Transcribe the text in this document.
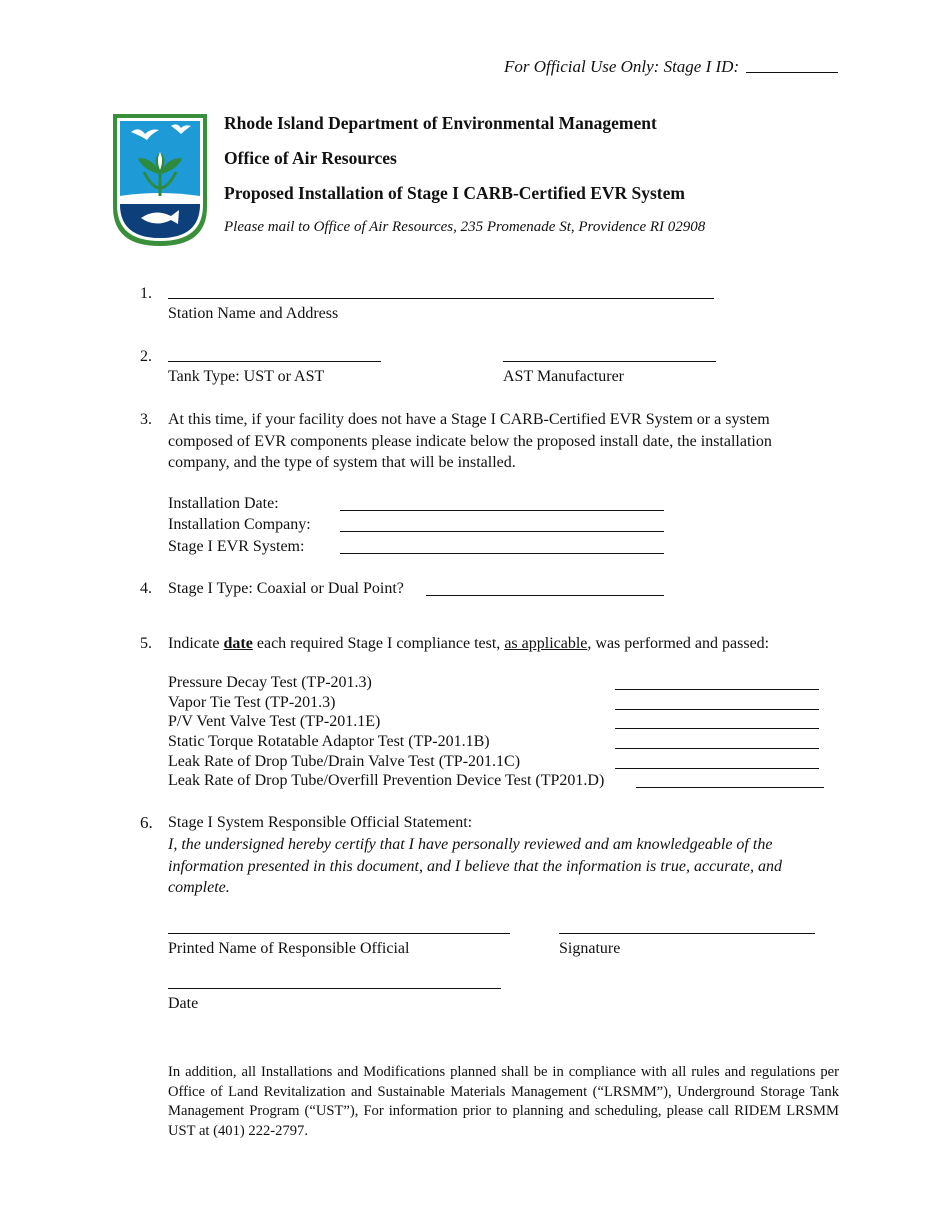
For Official Use Only: Stage I ID:
Rhode Island Department of Environmental Management
Office of Air Resources
Proposed Installation of Stage I CARB-Certified EVR System
Please mail to Office of Air Resources, 235 Promenade St, Providence RI 02908
1.
Station Name and Address
2.
Tank Type: UST or AST	AST Manufacturer
3. At this time, if your facility does not have a Stage I CARB-Certified EVR System or a system composed of EVR components please indicate below the proposed install date, the installation company, and the type of system that will be installed.
Installation Date:
Installation Company:
Stage I EVR System:
4. Stage I Type: Coaxial or Dual Point?
5. Indicate date each required Stage I compliance test, as applicable, was performed and passed:
Pressure Decay Test (TP-201.3)
Vapor Tie Test (TP-201.3)
P/V Vent Valve Test (TP-201.1E)
Static Torque Rotatable Adaptor Test (TP-201.1B)
Leak Rate of Drop Tube/Drain Valve Test (TP-201.1C)
Leak Rate of Drop Tube/Overfill Prevention Device Test (TP201.D)
6. Stage I System Responsible Official Statement:
I, the undersigned hereby certify that I have personally reviewed and am knowledgeable of the information presented in this document, and I believe that the information is true, accurate, and complete.
Printed Name of Responsible Official	Signature
Date
In addition, all Installations and Modifications planned shall be in compliance with all rules and regulations per Office of Land Revitalization and Sustainable Materials Management (“LRSMM”), Underground Storage Tank Management Program (“UST”), For information prior to planning and scheduling, please call RIDEM LRSMM UST at (401) 222-2797.
